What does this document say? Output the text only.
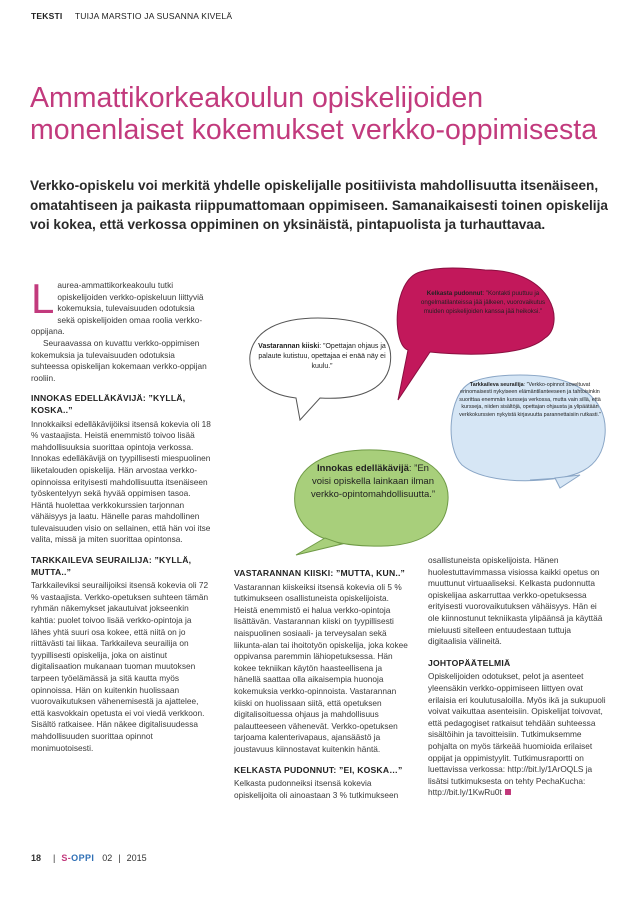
TEKSTI TUIJA MARSTIO JA SUSANNA KIVELÄ
Ammattikorkeakoulun opiskelijoiden monenlaiset kokemukset verkko-oppimisesta
Verkko-opiskelu voi merkitä yhdelle opiskelijalle positiivista mahdollisuutta itsenäiseen, omatahtiseen ja paikasta riippumattomaan oppimiseen. Samanaikaisesti toinen opiskelija voi kokea, että verkossa oppiminen on yksinäistä, pintapuolista ja turhauttavaa.
Kelkasta pudonnut: ”Kontakti puuttuu ja ongelmatilanteissa jää jälkeen, vuorovaikutus muiden opiskelijoiden kanssa jää heikoksi.”
Vastarannan kiiski: ”Opettajan ohjaus ja palaute kutistuu, opettajaa ei enää näy ei kuulu.”
Tarkkaileva seurailija: ”Verkko-opinnot soveltuvat erinomaisesti nykyiseen elämäntilanteeseen ja tahtoisinkin suorittaa enemmän kursseja verkossa, mutta vain sillä, että kursseja, niiden sisältöjä, opettajan ohjausta ja ylipäätään verkkokurssien nykyistä kirjavuutta parannettaisiin rutkasti.”
Innokas edelläkävijä: ”En voisi opiskella lainkaan ilman verkko-opintomahdollisuutta.”

Laurea-ammattikorkeakoulu tutki opiskelijoiden verkko-opiskeluun liittyviä kokemuksia, tulevaisuuden odotuksia sekä opiskelijoiden omaa roolia verkko-oppijana.

Seuraavassa on kuvattu verkko-oppimisen kokemuksia ja tulevaisuuden odotuksia suhteessa opiskelijan kokemaan verkko-oppijan rooliin.

INNOKAS EDELLÄKÄVIJÄ: ”KYLLÄ, KOSKA..”

Innokkaiksi edelläkävijöiksi itsensä kokevia oli 18 % vastaajista. Heistä enemmistö toivoo lisää mahdollisuuksia suorittaa opintoja verkossa. Innokas edelläkävijä on tyypillisesti miespuolinen liiketalouden opiskelija. Hän arvostaa verkko-opinnoissa erityisesti mahdollisuutta itsenäiseen työskentelyyn sekä hyvää oppimisen tasoa. Häntä huolettaa verkkokurssien tarjonnan vähäisyys ja laatu. Hänelle paras mahdollinen tulevaisuuden visio on sellainen, että hän voi itse valita, missä ja miten suorittaa opintonsa.

TARKKAILEVA SEURAILIJA: ”KYLLÄ, MUTTA..”

Tarkkaileviksi seurailijoiksi itsensä kokevia oli 72 % vastaajista. Verkko-opetuksen suhteen tämän ryhmän näkemykset jakautuivat jokseenkin kahtia: puolet toivoo lisää verkko-opintoja ja lähes yhtä suuri osa kokee, että niitä on jo riittävästi tai liikaa. Tarkkaileva seurailija on tyypillisesti opiskelija, joka on aistinut digitalisaation mukanaan tuoman muutoksen tarpeen työelämässä ja sitä kautta myös opinnoissa. Hän on kuitenkin huolissaan vuorovaikutuksen vähenemisestä ja ajattelee, että kasvokkain opetusta ei voi viedä verkkoon. Sisältö ratkaisee. Hän näkee digitalisuudessa mahdollisuuden suorittaa opinnot monimuotoisesti.

VASTARANNAN KIISKI: ”MUTTA, KUN..”

Vastarannan kiiskeiksi itsensä kokevia oli 5 % tutkimukseen osallistuneista opiskelijoista. Heistä enemmistö ei halua verkko-opintoja lisättävän. Vastarannan kiiski on tyypillisesti naispuolinen sosiaali- ja terveysalan sekä liikunta-alan tai ihoitotyön opiskelija, joka kokee oppivansa paremmin lähiopetuksessa. Hän kokee tekniikan käytön haasteellisena ja hänellä saattaa olla aikaisempia huonoja kokemuksia verkko-opinnoista. Vastarannan kiiski on huolissaan siitä, että opetuksen digitalisoituessa ohjaus ja mahdollisuus palautteeseen vähenevät. Verkko-opetuksen tarjoama kalenterivapaus, ajansäästö ja joustavuus kiinnostavat kuitenkin häntä.

KELKASTA PUDONNUT: ”EI, KOSKA…”

Kelkasta pudonneiksi itsensä kokevia opiskelijoita oli ainoastaan 3 % tutkimukseen

osallistuneista opiskelijoista. Hänen huolestuttavimmassa visiossa kaikki opetus on muuttunut virtuaaliseksi. Kelkasta pudonnutta opiskelijaa askarruttaa verkko-opetuksessa erityisesti vuorovaikutuksen vähäisyys. Hän ei ole kiinnostunut tekniikasta ylipäänsä ja käyttää mieluusti sitelleen entuudestaan tuttuja digitaalisia välineitä.

JOHTOPÄÄTELMIÄ

Opiskelijoiden odotukset, pelot ja asenteet yleensäkin verkko-oppimiseen liittyen ovat erilaisia eri koulutusaloilla. Myös ikä ja sukupuoli voivat vaikuttaa asenteisiin. Opiskelijat toivovat, että pedagogiset ratkaisut tehdään suhteessa sisältöihin ja tavoitteisiin. Tutkimuksemme pohjalta on myös tärkeää huomioida erilaiset oppijat ja oppimistyylit. Tutkimusraportti on luettavissa verkossa: http://bit.ly/1ArOQLS ja lisätsi tutkimuksesta on tehty PechaKucha: http://bit.ly/1KwRu0t

18 | S-OPPI 02 | 2015
